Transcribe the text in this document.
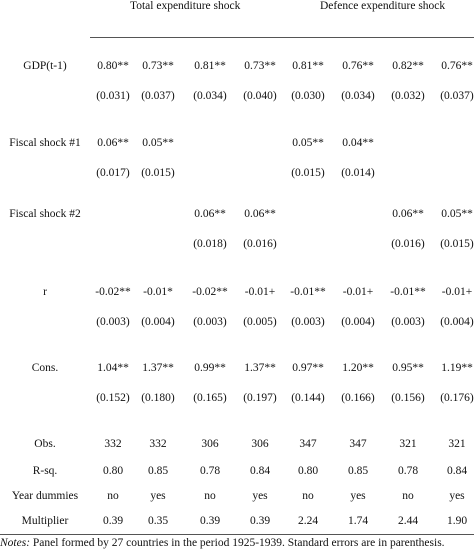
Total expenditure shock	Defence expenditure shock
GDP(t-1)	0.80** 0.73** 0.81** 0.73** 0.81** 0.76** 0.82** 0.76**
(0.031) (0.037) (0.034) (0.040) (0.030) (0.034) (0.032) (0.037)
Fiscal shock #1 0.06** 0.05**	0.05** 0.04**
(0.017) (0.015)	(0.015) (0.014)
Fiscal shock #2	0.06** 0.06**	0.06** 0.05**
(0.018) (0.016)	(0.016) (0.015)
r	-0.02** -0.01* -0.02** -0.01+ -0.01** -0.01+ -0.01** -0.01+
(0.003) (0.004) (0.003) (0.005) (0.003) (0.004) (0.003) (0.004)
Cons.	1.04** 1.37** 0.99** 1.37** 0.97** 1.20** 0.95** 1.19**
(0.152) (0.180) (0.165) (0.197) (0.144) (0.166) (0.156) (0.176)
Obs.	332 332	306	306	347	347	321	321
R-sq.	0.80 0.85	0.78	0.84 0.80	0.85	0.78	0.84
Year dummies	no	yes	no	yes	no	yes	no	yes
Multiplier	0.39 0.35	0.39	0.39 2.24	1.74	2.44	1.90
Notes: Panel formed by 27 countries in the period 1925-1939. Standard errors are in parenthesis.
